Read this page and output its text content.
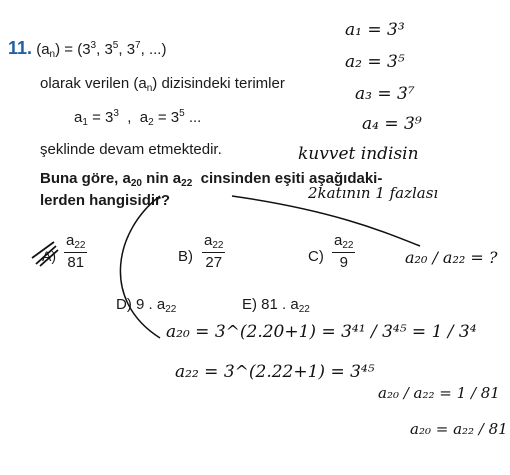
11. $(a_n) = (3^3$, $3^5$, $3^7$, ...)
olarak verilen $(a_n)$ dizisindeki terimler
$a_1 = 3^3$  ,  $a_2 = 3^5$ ...
şeklinde devam etmektedir.
Buna göre, $a_{20}$ nin $a_{22}$  cinsinden eşiti aşağıdaki-
lerden hangisidir?
A)
$a_{22}$
81	B)
$a_{22}$
27	C)
$a_{22}$
9
D) 9 . $a_{22}$	E) 81 . $a_{22}$
a₁ = 3³
a₂ = 3⁵
a₃ = 3⁷
a₄ = 3⁹
kuvvet indisin
2katının 1 fazlası
a₂₀ / a₂₂ = ?
a₂₀ = 3^(2.20+1) = 3⁴¹ / 3⁴⁵ = 1 / 3⁴
a₂₂ = 3^(2.22+1) = 3⁴⁵
a₂₀ / a₂₂ = 1 / 81
a₂₀ = a₂₂ / 81
